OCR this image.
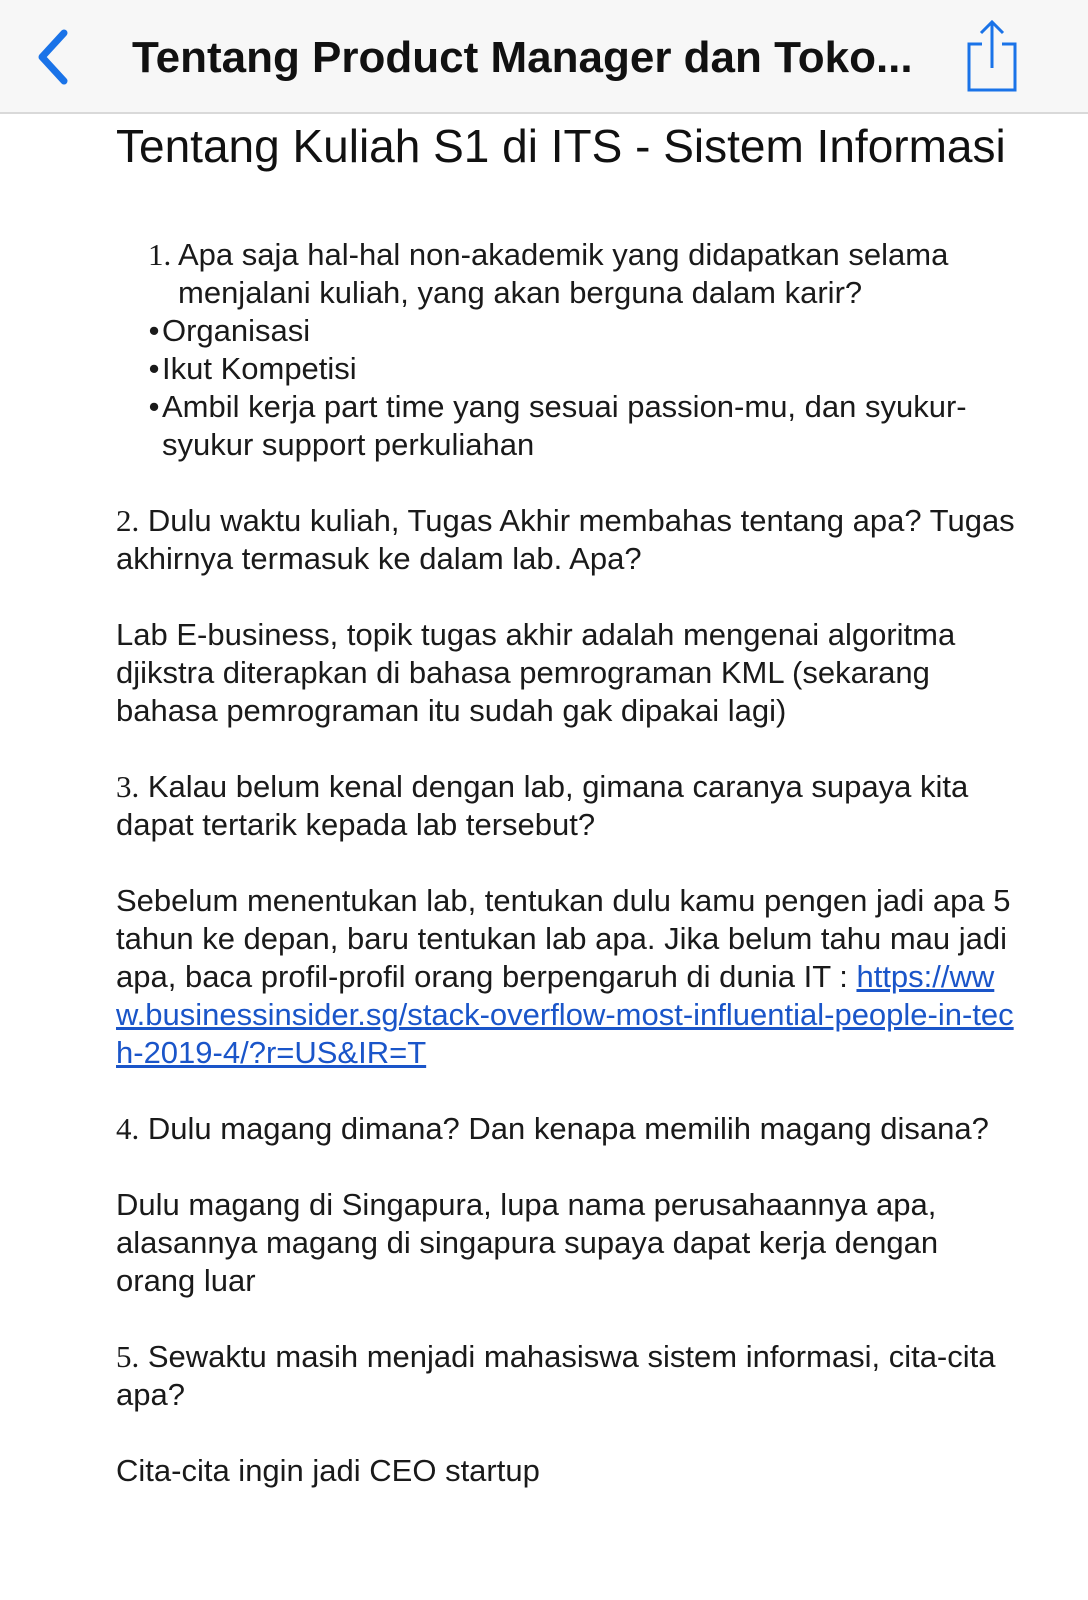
Tentang Product Manager dan Toko...
Tentang Kuliah S1 di ITS - Sistem Informasi
1. Apa saja hal-hal non-akademik yang didapatkan selama menjalani kuliah, yang akan berguna dalam karir?

• Organisasi
• Ikut Kompetisi
• Ambil kerja part time yang sesuai passion-mu, dan syukur-syukur support perkuliahan

2. Dulu waktu kuliah, Tugas Akhir membahas tentang apa? Tugas akhirnya termasuk ke dalam lab. Apa?

Lab E-business, topik tugas akhir adalah mengenai algoritma djikstra diterapkan di bahasa pemrograman KML (sekarang bahasa pemrograman itu sudah gak dipakai lagi)

3. Kalau belum kenal dengan lab, gimana caranya supaya kita dapat tertarik kepada lab tersebut?

Sebelum menentukan lab, tentukan dulu kamu pengen jadi apa 5 tahun ke depan, baru tentukan lab apa. Jika belum tahu mau jadi apa, baca profil-profil orang berpengaruh di dunia IT : https://www.businessinsider.sg/stack-overflow-most-influential-people-in-tech-2019-4/?r=US&IR=T

4. Dulu magang dimana? Dan kenapa memilih magang disana?

Dulu magang di Singapura, lupa nama perusahaannya apa, alasannya magang di singapura supaya dapat kerja dengan orang luar

5. Sewaktu masih menjadi mahasiswa sistem informasi, cita-cita apa?

Cita-cita ingin jadi CEO startup
